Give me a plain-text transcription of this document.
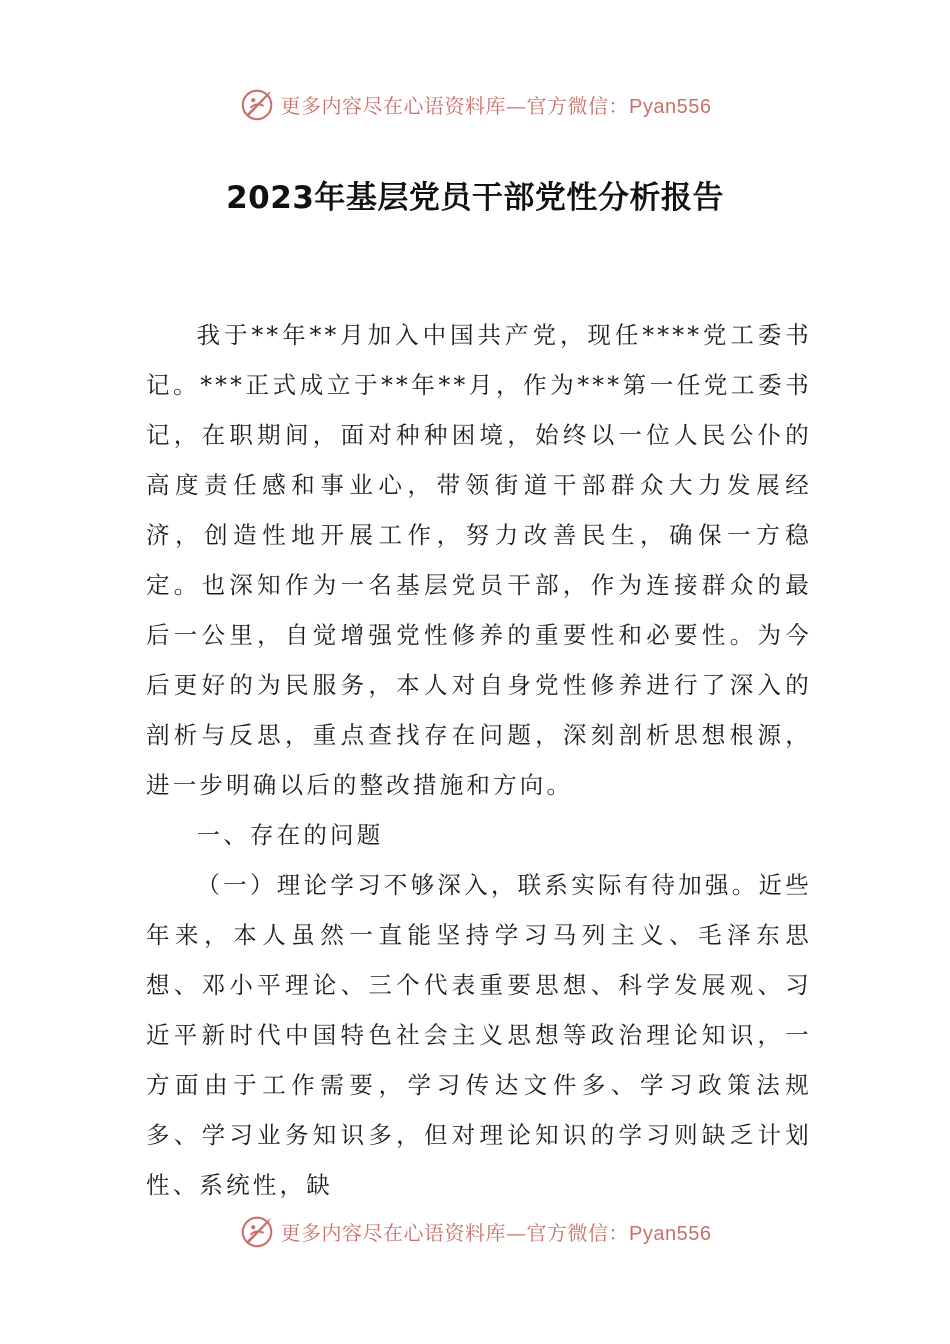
更多内容尽在心语资料库—官方微信：Pyan556
2023年基层党员干部党性分析报告

我于**年**月加入中国共产党，现任****党工委书记。***正式成立于**年**月，作为***第一任党工委书记，在职期间，面对种种困境，始终以一位人民公仆的高度责任感和事业心，带领街道干部群众大力发展经济，创造性地开展工作，努力改善民生，确保一方稳定。也深知作为一名基层党员干部，作为连接群众的最后一公里，自觉增强党性修养的重要性和必要性。为今后更好的为民服务，本人对自身党性修养进行了深入的剖析与反思，重点查找存在问题，深刻剖析思想根源，进一步明确以后的整改措施和方向。

一、存在的问题

（一）理论学习不够深入，联系实际有待加强。近些年来，本人虽然一直能坚持学习马列主义、毛泽东思想、邓小平理论、三个代表重要思想、科学发展观、习近平新时代中国特色社会主义思想等政治理论知识，一方面由于工作需要，学习传达文件多、学习政策法规多、学习业务知识多，但对理论知识的学习则缺乏计划性、系统性，缺

更多内容尽在心语资料库—官方微信：Pyan556
